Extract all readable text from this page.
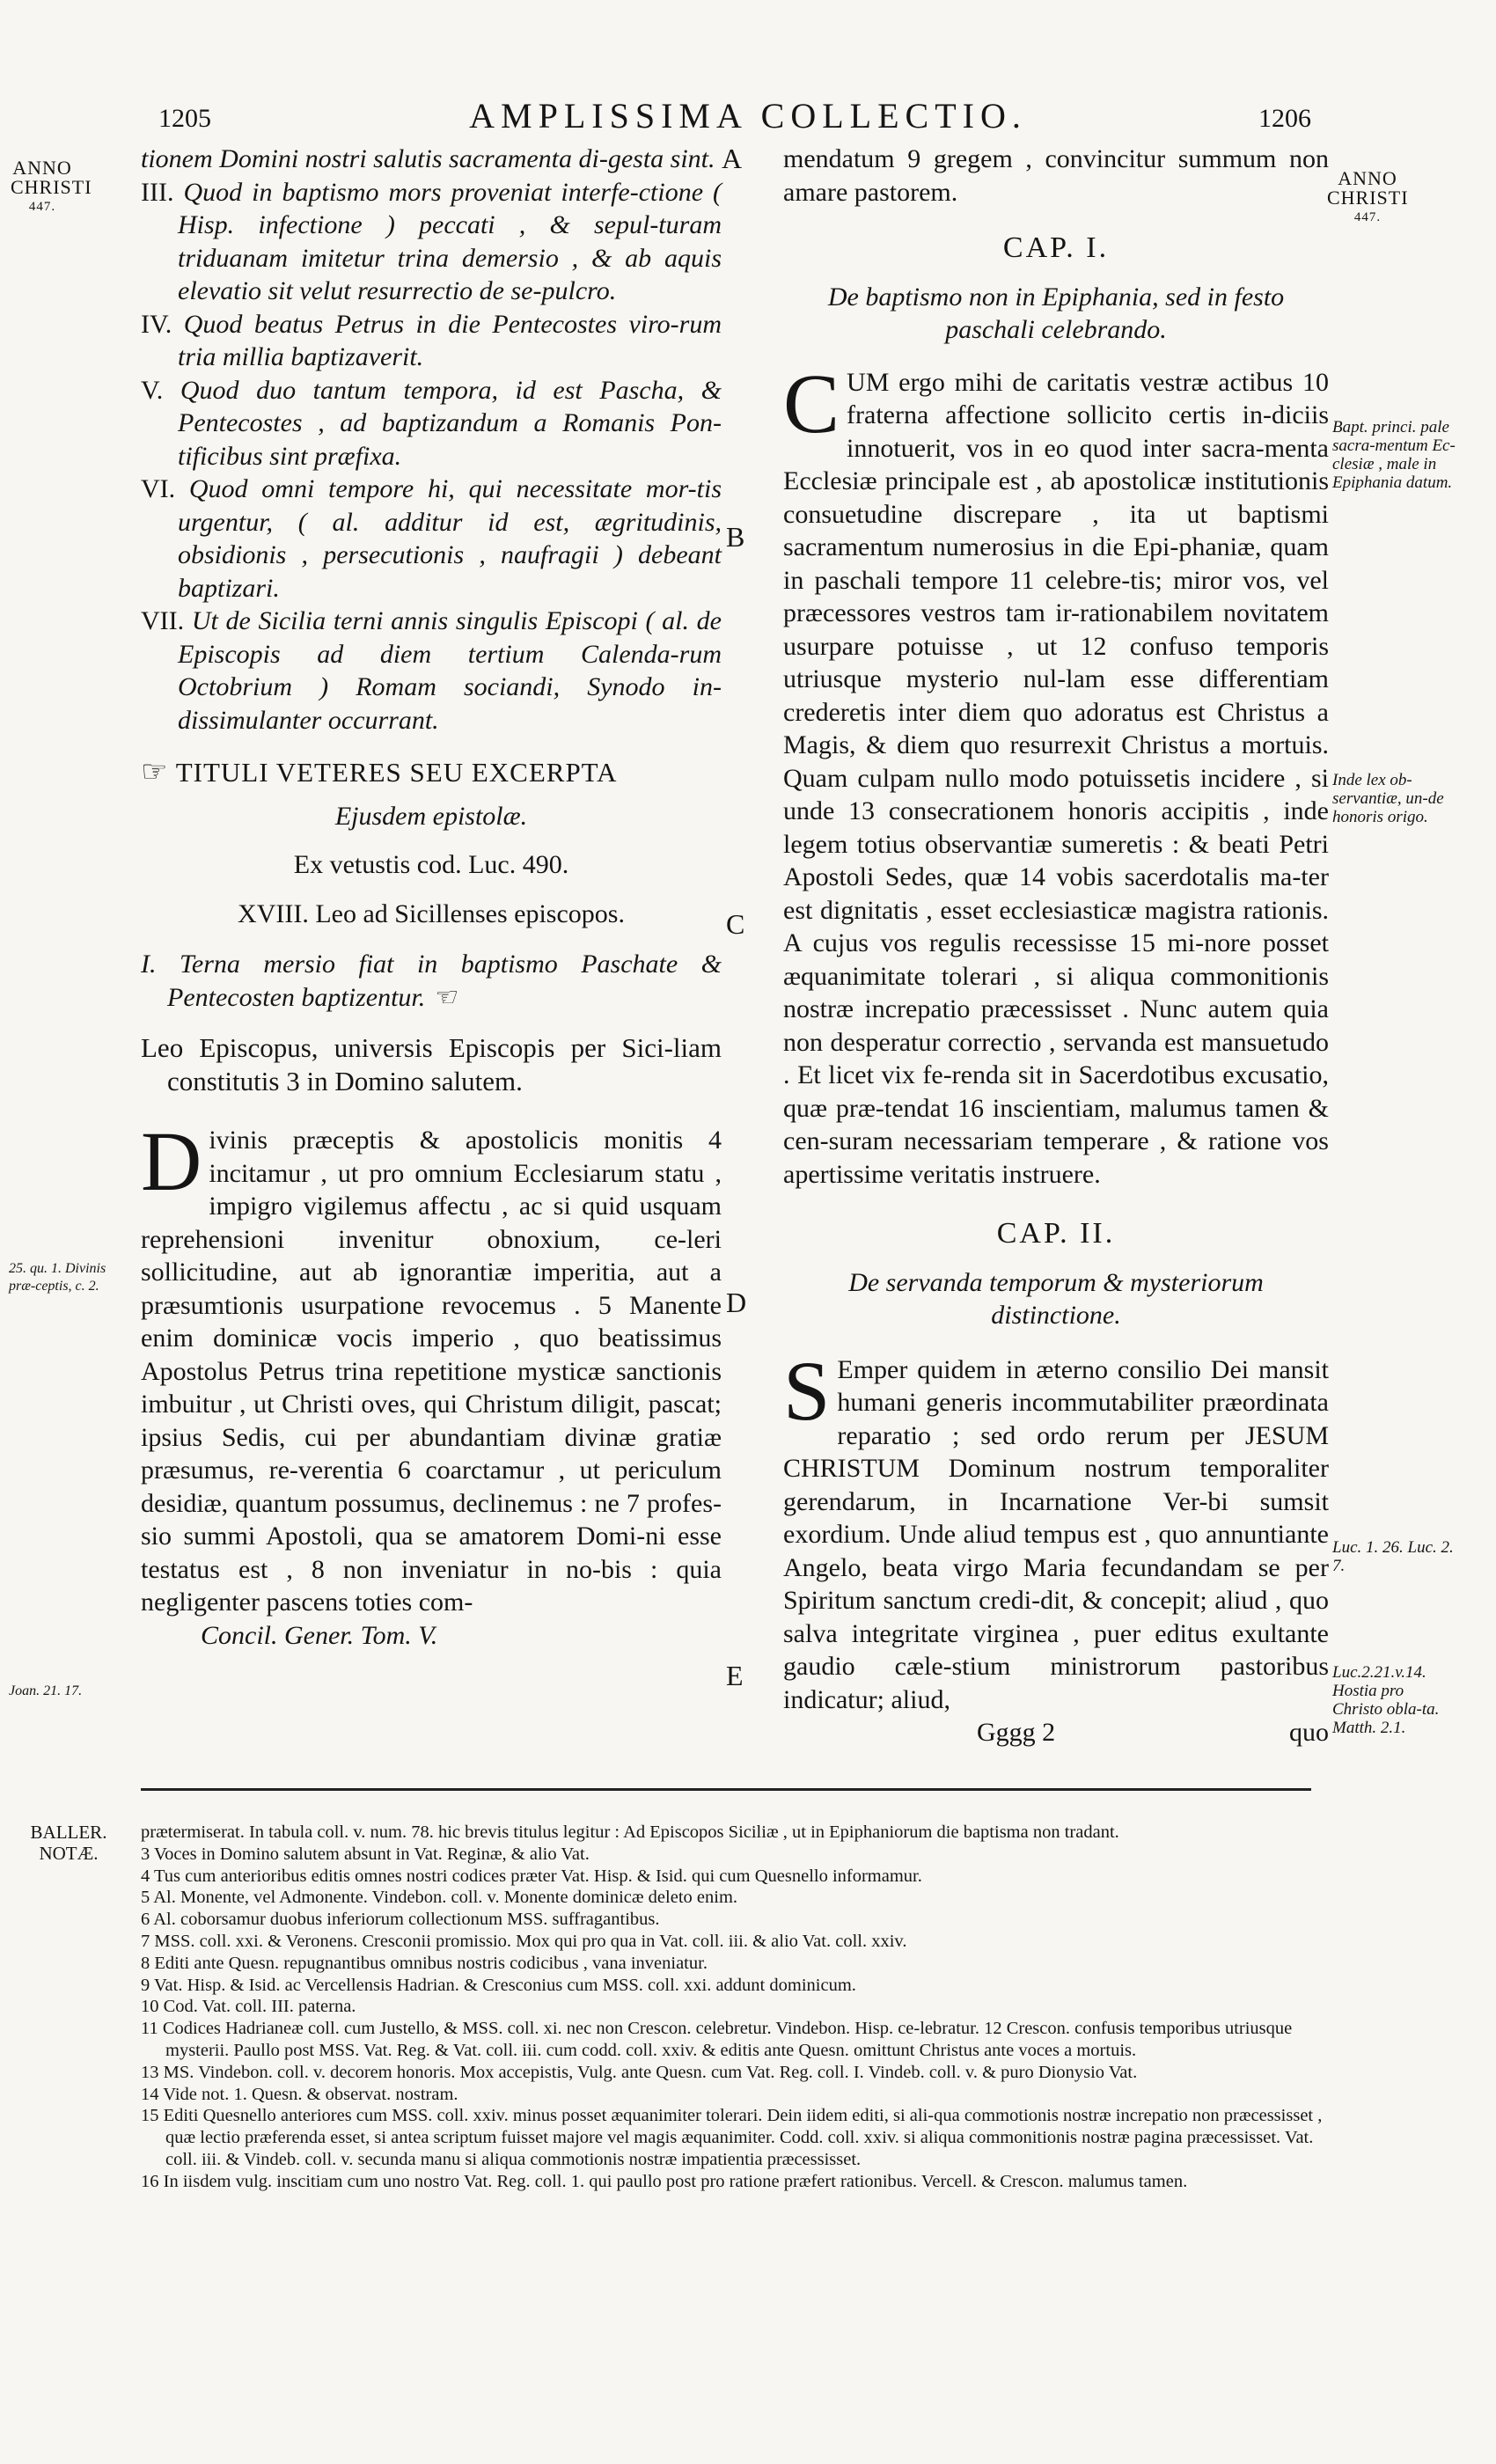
1205	AMPLISSIMA COLLECTIO.	1206
ANNO
CHRISTI
447.
ANNO
CHRISTI
447.

tionem Domini nostri salutis sacramenta di-gesta sint.

III. Quod in baptismo mors proveniat interfe-ctione ( Hisp. infectione ) peccati , & sepul-turam triduanam imitetur trina demersio , & ab aquis elevatio sit velut resurrectio de se-pulcro.

IV. Quod beatus Petrus in die Pentecostes viro-rum tria millia baptizaverit.

V. Quod duo tantum tempora, id est Pascha, & Pentecostes , ad baptizandum a Romanis Pon-tificibus sint præfixa.

VI. Quod omni tempore hi, qui necessitate mor-tis urgentur, ( al. additur id est, ægritudinis, obsidionis , persecutionis , naufragii ) debeant baptizari.

VII. Ut de Sicilia terni annis singulis Episcopi ( al. de Episcopis ad diem tertium Calenda-rum Octobrium ) Romam sociandi, Synodo in-dissimulanter occurrant.

☞ TITULI VETERES SEU EXCERPTA

Ejusdem epistolæ.

Ex vetustis cod. Luc. 490.

XVIII. Leo ad Sicillenses episcopos.

I. Terna mersio fiat in baptismo Paschate & Pentecosten baptizentur. ☜

Leo Episcopus, universis Episcopis per Sici-liam constitutis 3 in Domino salutem.

Divinis præceptis & apostolicis monitis 4 incitamur , ut pro omnium Ecclesiarum statu , impigro vigilemus affectu , ac si quid usquam reprehensioni invenitur obnoxium, ce-leri sollicitudine, aut ab ignorantiæ imperitia, aut a præsumtionis usurpatione revocemus . 5 Manente enim dominicæ vocis imperio , quo beatissimus Apostolus Petrus trina repetitione mysticæ sanctionis imbuitur , ut Christi oves, qui Christum diligit, pascat; ipsius Sedis, cui per abundantiam divinæ gratiæ præsumus, re-verentia 6 coarctamur , ut periculum desidiæ, quantum possumus, declinemus : ne 7 profes-sio summi Apostoli, qua se amatorem Domi-ni esse testatus est , 8 non inveniatur in no-bis : quia negligenter pascens toties com-

Concil. Gener. Tom. V.

mendatum 9 gregem , convincitur summum non amare pastorem.

CAP. I.

De baptismo non in Epiphania, sed in festo paschali celebrando.

CUM ergo mihi de caritatis vestræ actibus 10 fraterna affectione sollicito certis in-diciis innotuerit, vos in eo quod inter sacra-menta Ecclesiæ principale est , ab apostolicæ institutionis consuetudine discrepare , ita ut baptismi sacramentum numerosius in die Epi-phaniæ, quam in paschali tempore 11 celebre-tis; miror vos, vel præcessores vestros tam ir-rationabilem novitatem usurpare potuisse , ut 12 confuso temporis utriusque mysterio nul-lam esse differentiam crederetis inter diem quo adoratus est Christus a Magis, & diem quo resurrexit Christus a mortuis. Quam culpam nullo modo potuissetis incidere , si unde 13 consecrationem honoris accipitis , inde legem totius observantiæ sumeretis : & beati Petri Apostoli Sedes, quæ 14 vobis sacerdotalis ma-ter est dignitatis , esset ecclesiasticæ magistra rationis. A cujus vos regulis recessisse 15 mi-nore posset æquanimitate tolerari , si aliqua commonitionis nostræ increpatio præcessisset . Nunc autem quia non desperatur correctio , servanda est mansuetudo . Et licet vix fe-renda sit in Sacerdotibus excusatio, quæ præ-tendat 16 inscientiam, malumus tamen & cen-suram necessariam temperare , & ratione vos apertissime veritatis instruere.

CAP. II.

De servanda temporum & mysteriorum distinctione.

S Emper quidem in æterno consilio Dei mansit humani generis incommutabiliter præordinata reparatio ; sed ordo rerum per JESUM CHRISTUM Dominum nostrum temporaliter gerendarum, in Incarnatione Ver-bi sumsit exordium. Unde aliud tempus est , quo annuntiante Angelo, beata virgo Maria fecundandam se per Spiritum sanctum credi-dit, & concepit; aliud , quo salva integritate virginea , puer editus exultante gaudio cæle-stium ministrorum pastoribus indicatur; aliud,

Gggg 2	quo

A
B
C
D
E
25. qu. 1. Divinis præ-ceptis, c. 2.
Joan. 21. 17.
Bapt. princi. pale sacra-mentum Ec-clesiæ , male in Epiphania datum.
Inde lex ob-servantiæ, un-de honoris origo.
Luc. 1. 26. Luc. 2. 7.
Luc.2.21.v.14. Hostia pro Christo obla-ta. Matth. 2.1.
BALLER. NOTÆ.

prætermiserat. In tabula coll. v. num. 78. hic brevis titulus legitur : Ad Episcopos Siciliæ , ut in Epiphaniorum die baptisma non tradant.

3 Voces in Domino salutem absunt in Vat. Reginæ, & alio Vat.

4 Tus cum anterioribus editis omnes nostri codices præter Vat. Hisp. & Isid. qui cum Quesnello informamur.

5 Al. Monente, vel Admonente. Vindebon. coll. v. Monente dominicæ deleto enim.

6 Al. coborsamur duobus inferiorum collectionum MSS. suffragantibus.

7 MSS. coll. xxi. & Veronens. Cresconii promissio. Mox qui pro qua in Vat. coll. iii. & alio Vat. coll. xxiv.

8 Editi ante Quesn. repugnantibus omnibus nostris codicibus , vana inveniatur.

9 Vat. Hisp. & Isid. ac Vercellensis Hadrian. & Cresconius cum MSS. coll. xxi. addunt dominicum.

10 Cod. Vat. coll. III. paterna.

11 Codices Hadrianeæ coll. cum Justello, & MSS. coll. xi. nec non Crescon. celebretur. Vindebon. Hisp. ce-lebratur. 12 Crescon. confusis temporibus utriusque mysterii. Paullo post MSS. Vat. Reg. & Vat. coll. iii. cum codd. coll. xxiv. & editis ante Quesn. omittunt Christus ante voces a mortuis.

13 MS. Vindebon. coll. v. decorem honoris. Mox accepistis, Vulg. ante Quesn. cum Vat. Reg. coll. I. Vindeb. coll. v. & puro Dionysio Vat.

14 Vide not. 1. Quesn. & observat. nostram.

15 Editi Quesnello anteriores cum MSS. coll. xxiv. minus posset æquanimiter tolerari. Dein iidem editi, si ali-qua commotionis nostræ increpatio non præcessisset , quæ lectio præferenda esset, si antea scriptum fuisset majore vel magis æquanimiter. Codd. coll. xxiv. si aliqua commonitionis nostræ pagina præcessisset. Vat. coll. iii. & Vindeb. coll. v. secunda manu si aliqua commotionis nostræ impatientia præcessisset.

16 In iisdem vulg. inscitiam cum uno nostro Vat. Reg. coll. 1. qui paullo post pro ratione præfert rationibus. Vercell. & Crescon. malumus tamen.
